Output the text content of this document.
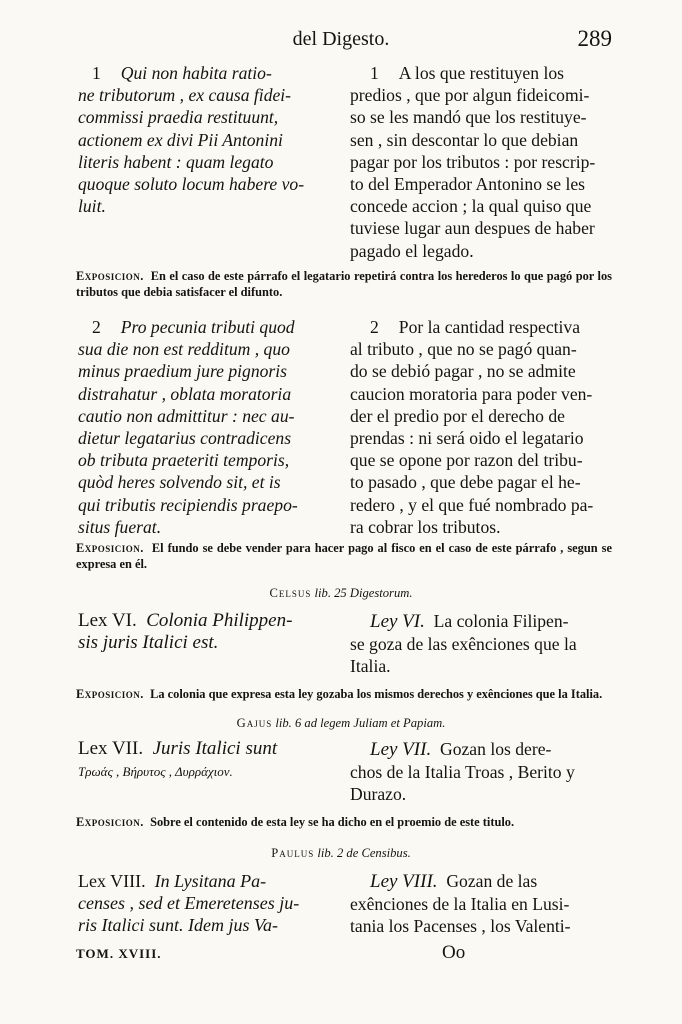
del Digesto.	289
1 Qui non habita ratio-
ne tributorum , ex causa fidei-
commissi praedia restituunt,
actionem ex divi Pii Antonini
literis habent : quam legato
quoque soluto locum habere vo-
luit.
1 A los que restituyen los
predios , que por algun fideicomi-
so se les mandó que los restituye-
sen , sin descontar lo que debian
pagar por los tributos : por rescrip-
to del Emperador Antonino se les
concede accion ; la qual quiso que
tuviese lugar aun despues de haber
pagado el legado.
Exposicion. En el caso de este párrafo el legatario repetirá contra los herederos lo que pagó por los tributos que debia satisfacer el difunto.
2 Pro pecunia tributi quod
sua die non est redditum , quo
minus praedium jure pignoris
distrahatur , oblata moratoria
cautio non admittitur : nec au-
dietur legatarius contradicens
ob tributa praeteriti temporis,
quòd heres solvendo sit, et is
qui tributis recipiendis praepo-
situs fuerat.
2 Por la cantidad respectiva
al tributo , que no se pagó quan-
do se debió pagar , no se admite
caucion moratoria para poder ven-
der el predio por el derecho de
prendas : ni será oido el legatario
que se opone por razon del tribu-
to pasado , que debe pagar el he-
redero , y el que fué nombrado pa-
ra cobrar los tributos.
Exposicion. El fundo se debe vender para hacer pago al fisco en el caso de este párrafo , segun se expresa en él.
Celsus lib. 25 Digestorum.
Lex VI. Colonia Philippen-
sis juris Italici est.
Ley VI. La colonia Filipen-
se goza de las exênciones que la
Italia.
Exposicion. La colonia que expresa esta ley gozaba los mismos derechos y exênciones que la Italia.
Gajus lib. 6 ad legem Juliam et Papiam.
Lex VII. Juris Italici sunt
Τρωάς , Βήρυτος , Δυρράχιον.
Ley VII. Gozan los dere-
chos de la Italia Troas , Berito y
Durazo.
Exposicion. Sobre el contenido de esta ley se ha dicho en el proemio de este titulo.
Paulus lib. 2 de Censibus.
Lex VIII. In Lysitana Pa-
censes , sed et Emeretenses ju-
ris Italici sunt. Idem jus Va-
Ley VIII. Gozan de las
exênciones de la Italia en Lusi-
tania los Pacenses , los Valenti-
TOM. XVIII.	Oo
